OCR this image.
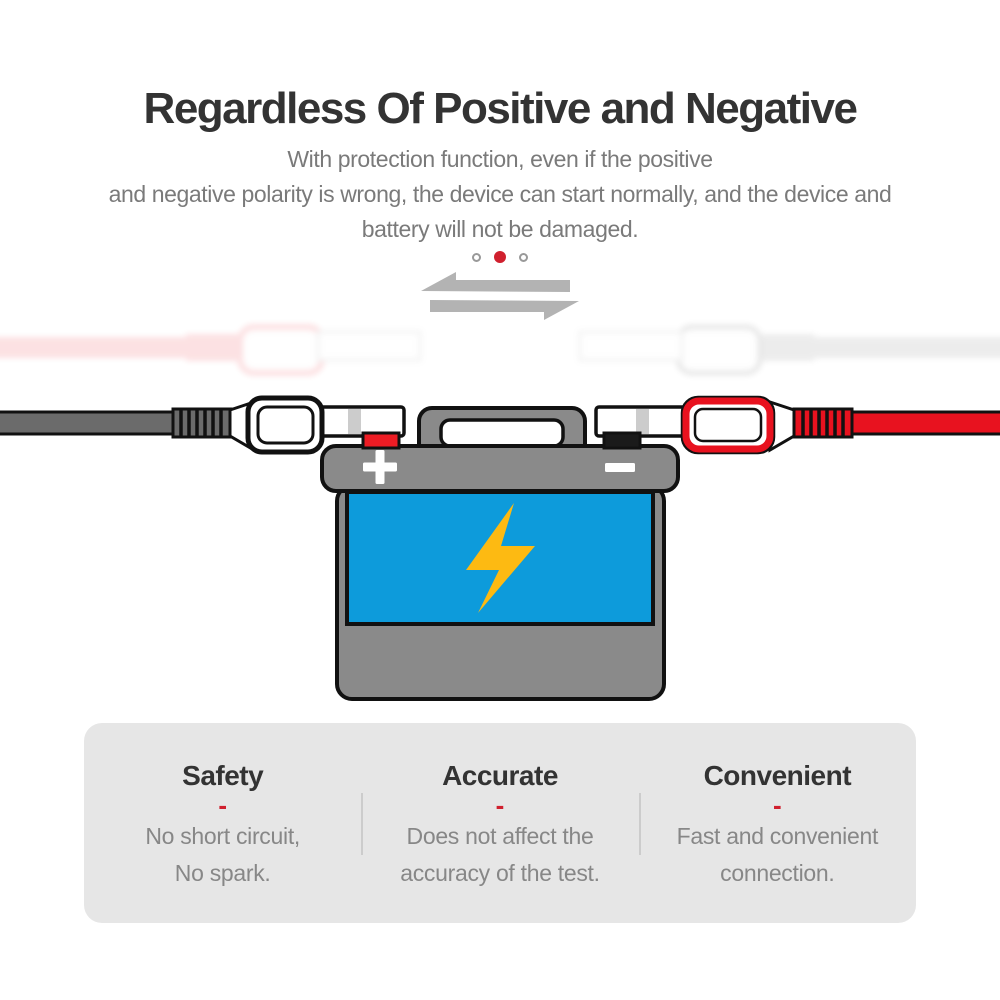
Regardless Of Positive and Negative
With protection function, even if the positive
and negative polarity is wrong, the device can start normally, and the device and
battery will not be damaged.
Safety
-
No short circuit,
No spark.
Accurate
-
Does not affect the
accuracy of the test.
Convenient
-
Fast and convenient
connection.
